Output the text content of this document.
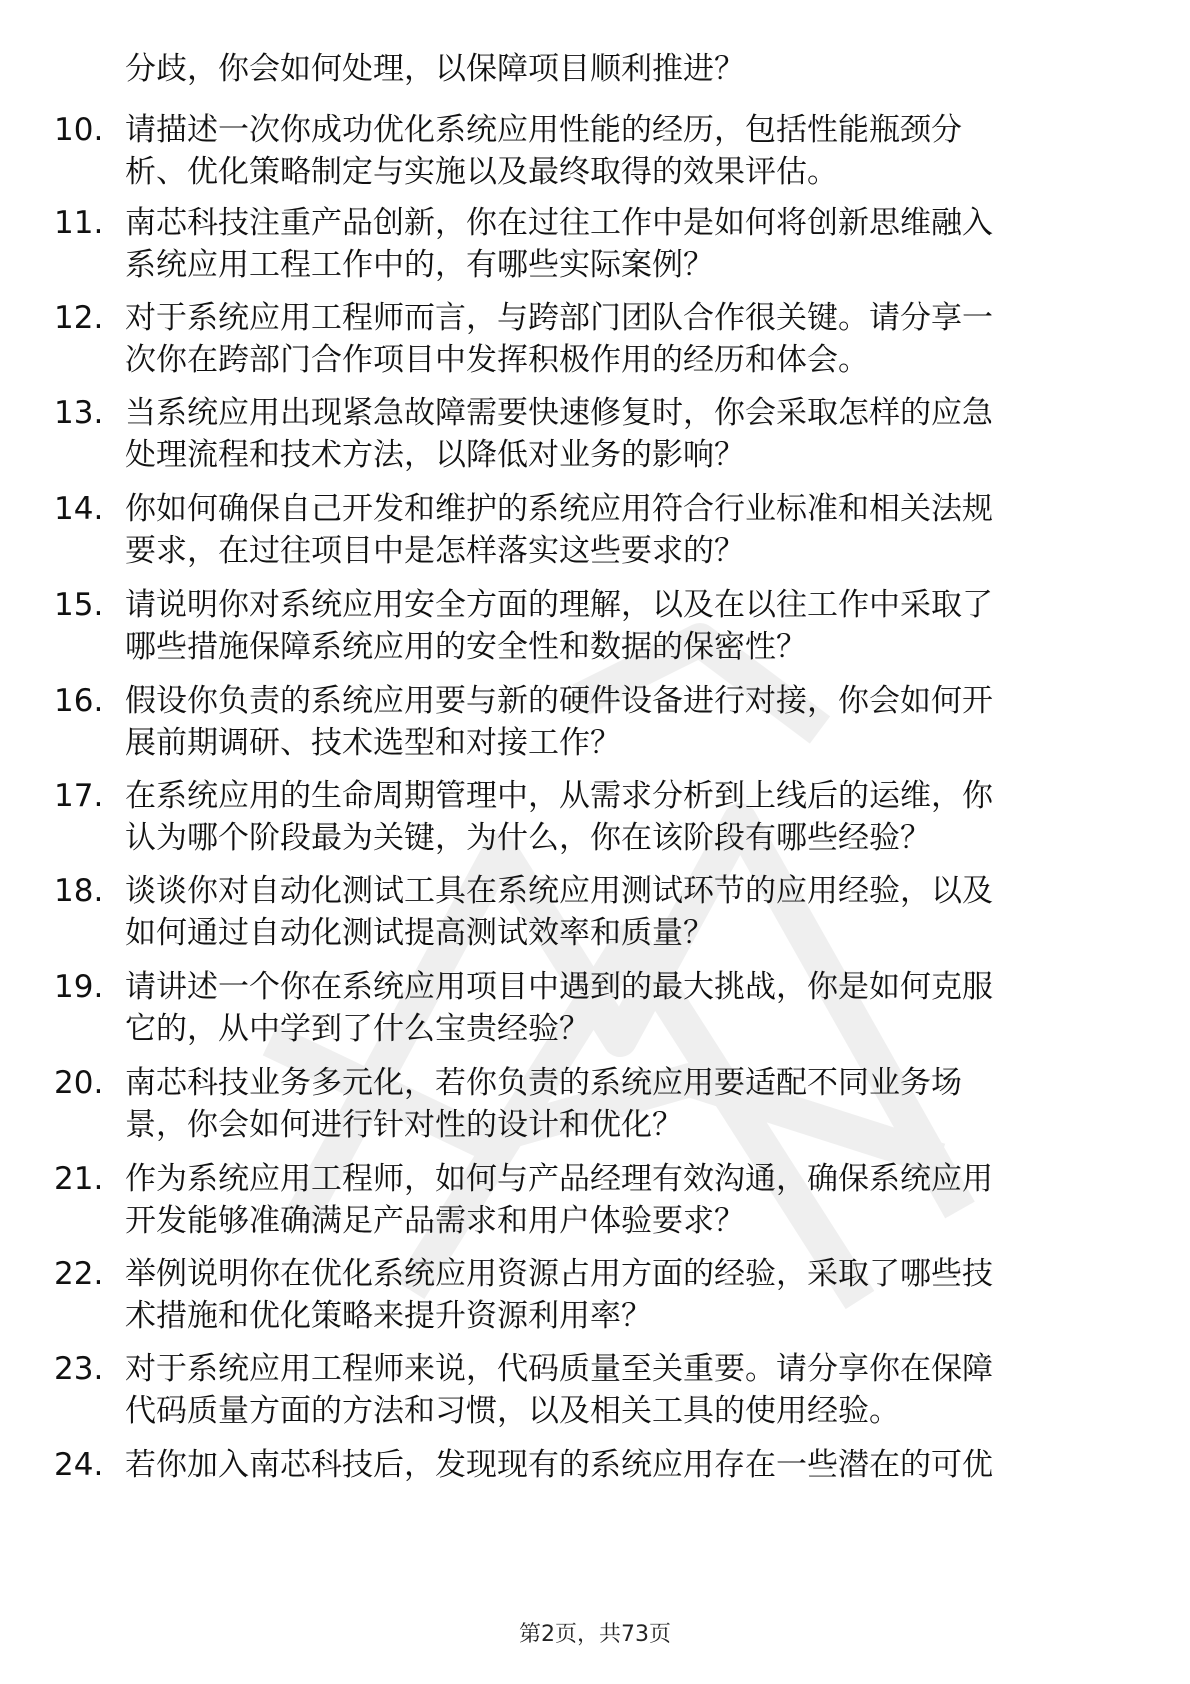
分歧，你会如何处理，以保障项目顺利推进？
10. 请描述一次你成功优化系统应用性能的经历，包括性能瓶颈分
析、优化策略制定与实施以及最终取得的效果评估。
11. 南芯科技注重产品创新，你在过往工作中是如何将创新思维融入
系统应用工程工作中的，有哪些实际案例？
12. 对于系统应用工程师而言，与跨部门团队合作很关键。请分享一
次你在跨部门合作项目中发挥积极作用的经历和体会。
13. 当系统应用出现紧急故障需要快速修复时，你会采取怎样的应急
处理流程和技术方法，以降低对业务的影响？
14. 你如何确保自己开发和维护的系统应用符合行业标准和相关法规
要求，在过往项目中是怎样落实这些要求的？
15. 请说明你对系统应用安全方面的理解，以及在以往工作中采取了
哪些措施保障系统应用的安全性和数据的保密性？
16. 假设你负责的系统应用要与新的硬件设备进行对接，你会如何开
展前期调研、技术选型和对接工作？
17. 在系统应用的生命周期管理中，从需求分析到上线后的运维，你
认为哪个阶段最为关键，为什么，你在该阶段有哪些经验？
18. 谈谈你对自动化测试工具在系统应用测试环节的应用经验，以及
如何通过自动化测试提高测试效率和质量？
19. 请讲述一个你在系统应用项目中遇到的最大挑战，你是如何克服
它的，从中学到了什么宝贵经验？
20. 南芯科技业务多元化，若你负责的系统应用要适配不同业务场
景，你会如何进行针对性的设计和优化？
21. 作为系统应用工程师，如何与产品经理有效沟通，确保系统应用
开发能够准确满足产品需求和用户体验要求？
22. 举例说明你在优化系统应用资源占用方面的经验，采取了哪些技
术措施和优化策略来提升资源利用率？
23. 对于系统应用工程师来说，代码质量至关重要。请分享你在保障
代码质量方面的方法和习惯，以及相关工具的使用经验。
24. 若你加入南芯科技后，发现现有的系统应用存在一些潜在的可优
第2页，共73页
